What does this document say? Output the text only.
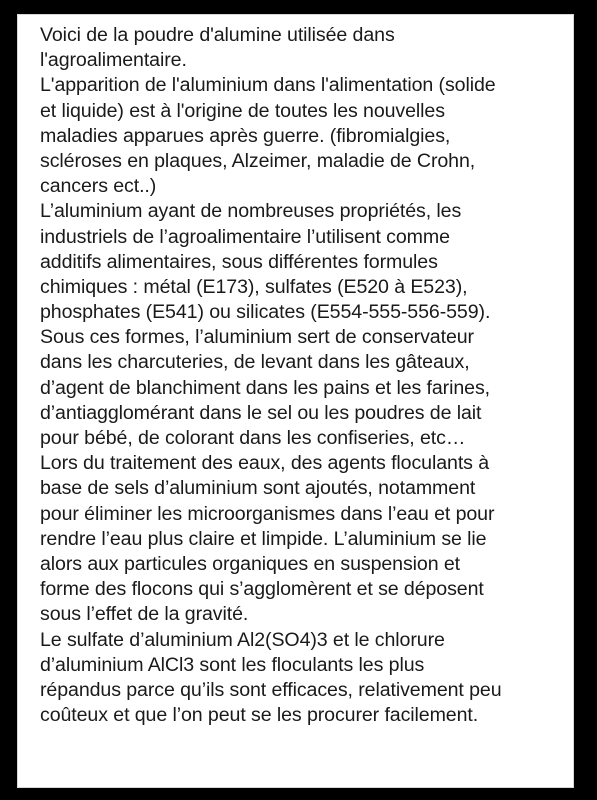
Voici de la poudre d'alumine utilisée dans
l'agroalimentaire.
L'apparition de l'aluminium dans l'alimentation (solide
et liquide) est à l'origine de toutes les nouvelles
maladies apparues après guerre. (fibromialgies,
scléroses en plaques, Alzeimer, maladie de Crohn,
cancers ect..)
L’aluminium ayant de nombreuses propriétés, les
industriels de l’agroalimentaire l’utilisent comme
additifs alimentaires, sous différentes formules
chimiques : métal (E173), sulfates (E520 à E523),
phosphates (E541) ou silicates (E554-555-556-559).
Sous ces formes, l’aluminium sert de conservateur
dans les charcuteries, de levant dans les gâteaux,
d’agent de blanchiment dans les pains et les farines,
d’antiagglomérant dans le sel ou les poudres de lait
pour bébé, de colorant dans les confiseries, etc…
Lors du traitement des eaux, des agents floculants à
base de sels d’aluminium sont ajoutés, notamment
pour éliminer les microorganismes dans l’eau et pour
rendre l’eau plus claire et limpide. L’aluminium se lie
alors aux particules organiques en suspension et
forme des flocons qui s’agglomèrent et se déposent
sous l’effet de la gravité.
Le sulfate d’aluminium Al2(SO4)3 et le chlorure
d’aluminium AlCl3 sont les floculants les plus
répandus parce qu’ils sont efficaces, relativement peu
coûteux et que l’on peut se les procurer facilement.
